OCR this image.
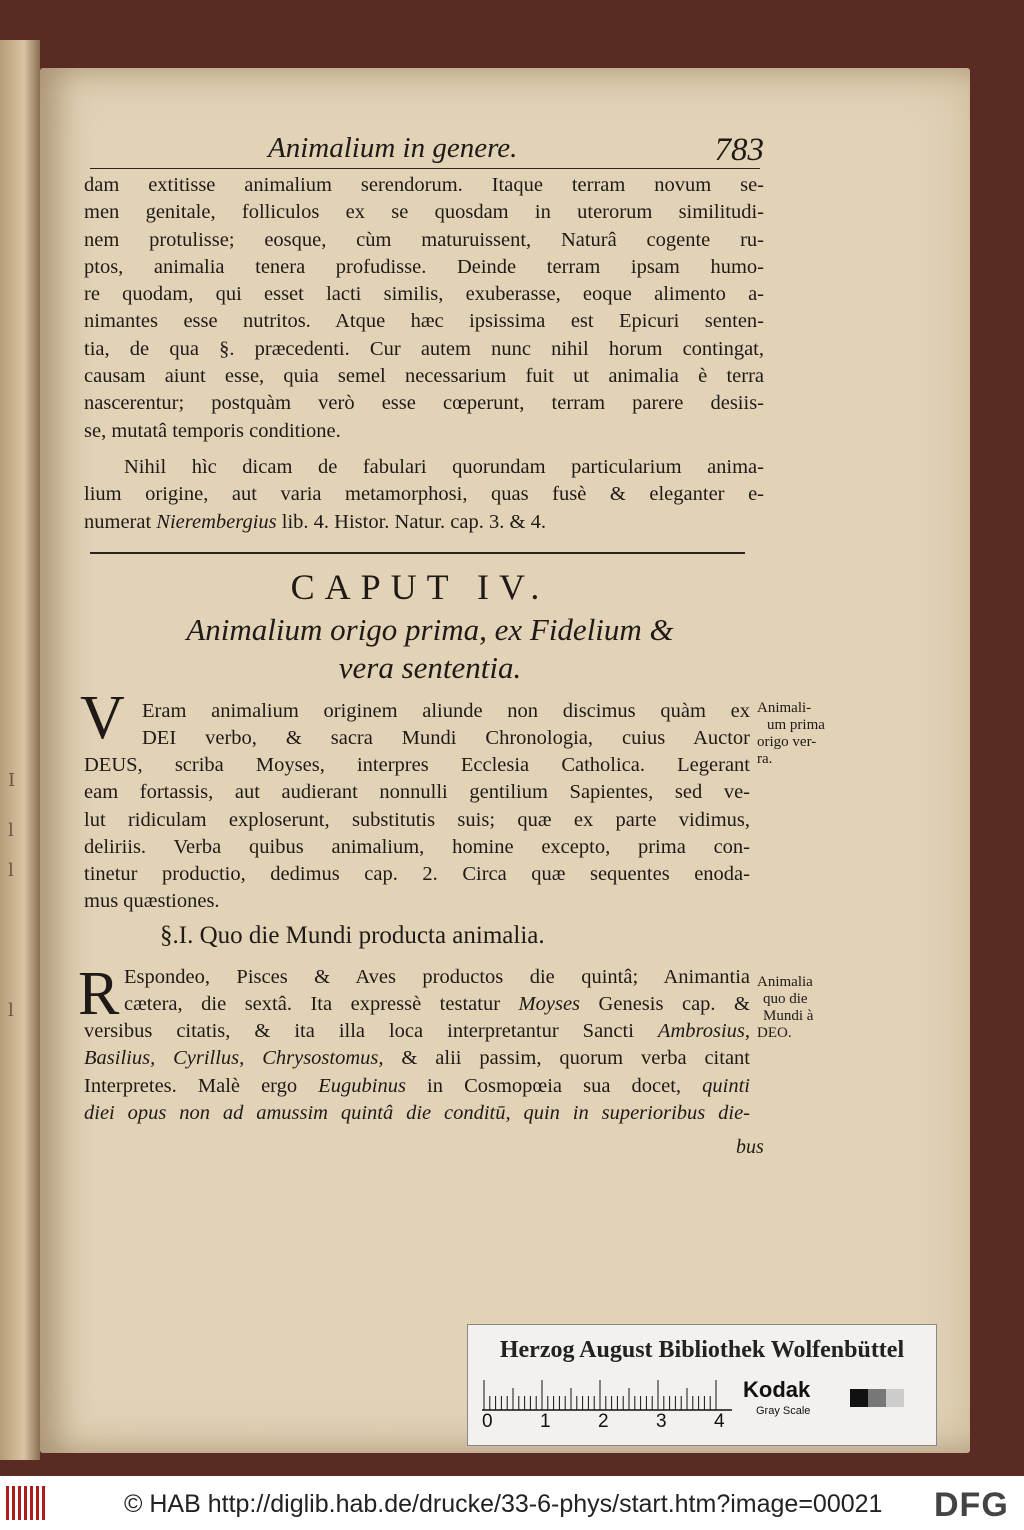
I
l
l
l
Animalium in genere.	783
dam extitisse animalium serendorum. Itaque terram novum se-
men genitale, folliculos ex se quosdam in uterorum similitudi-
nem protulisse; eosque, cùm maturuissent, Naturâ cogente ru-
ptos, animalia tenera profudisse. Deinde terram ipsam humo-
re quodam, qui esset lacti similis, exuberasse, eoque alimento a-
nimantes esse nutritos. Atque hæc ipsissima est Epicuri senten-
tia, de qua §. præcedenti. Cur autem nunc nihil horum contingat,
causam aiunt esse, quia semel necessarium fuit ut animalia è terra
nascerentur; postquàm verò esse cœperunt, terram parere desiis-
se, mutatâ temporis conditione.
Nihil hìc dicam de fabulari quorundam particularium anima-
lium origine, aut varia metamorphosi, quas fusè & eleganter e-
numerat Nierembergius lib. 4. Histor. Natur. cap. 3. & 4.
CAPUT IV.
Animalium origo prima, ex Fidelium &
vera sententia.
V Eram animalium originem aliunde non discimus quàm ex
DEI verbo, & sacra Mundi Chronologia, cuius Auctor
DEUS, scriba Moyses, interpres Ecclesia Catholica. Legerant
eam fortassis, aut audierant nonnulli gentilium Sapientes, sed ve-
lut ridiculam exploserunt, substitutis suis; quæ ex parte vidimus,
deliriis. Verba quibus animalium, homine excepto, prima con-
tinetur productio, dedimus cap. 2. Circa quæ sequentes enoda-
mus quæstiones.
Animali-
um prima
origo ver-
ra.
§.I. Quo die Mundi producta animalia.
R Espondeo, Pisces & Aves productos die quintâ; Animantia
cætera, die sextâ. Ita expressè testatur Moyses Genesis cap. &
versibus citatis, & ita illa loca interpretantur Sancti Ambrosius,
Basilius, Cyrillus, Chrysostomus, & alii passim, quorum verba citant
Interpretes. Malè ergo Eugubinus in Cosmopœia sua docet, quinti
diei opus non ad amussim quintâ die conditū, quin in superioribus die-
bus
Animalia
quo die
Mundi à
DEO.
Herzog August Bibliothek Wolfenbüttel
0 1 2 3 4
Kodak
Gray Scale
© HAB http://diglib.hab.de/drucke/33-6-phys/start.htm?image=00021 DFG
